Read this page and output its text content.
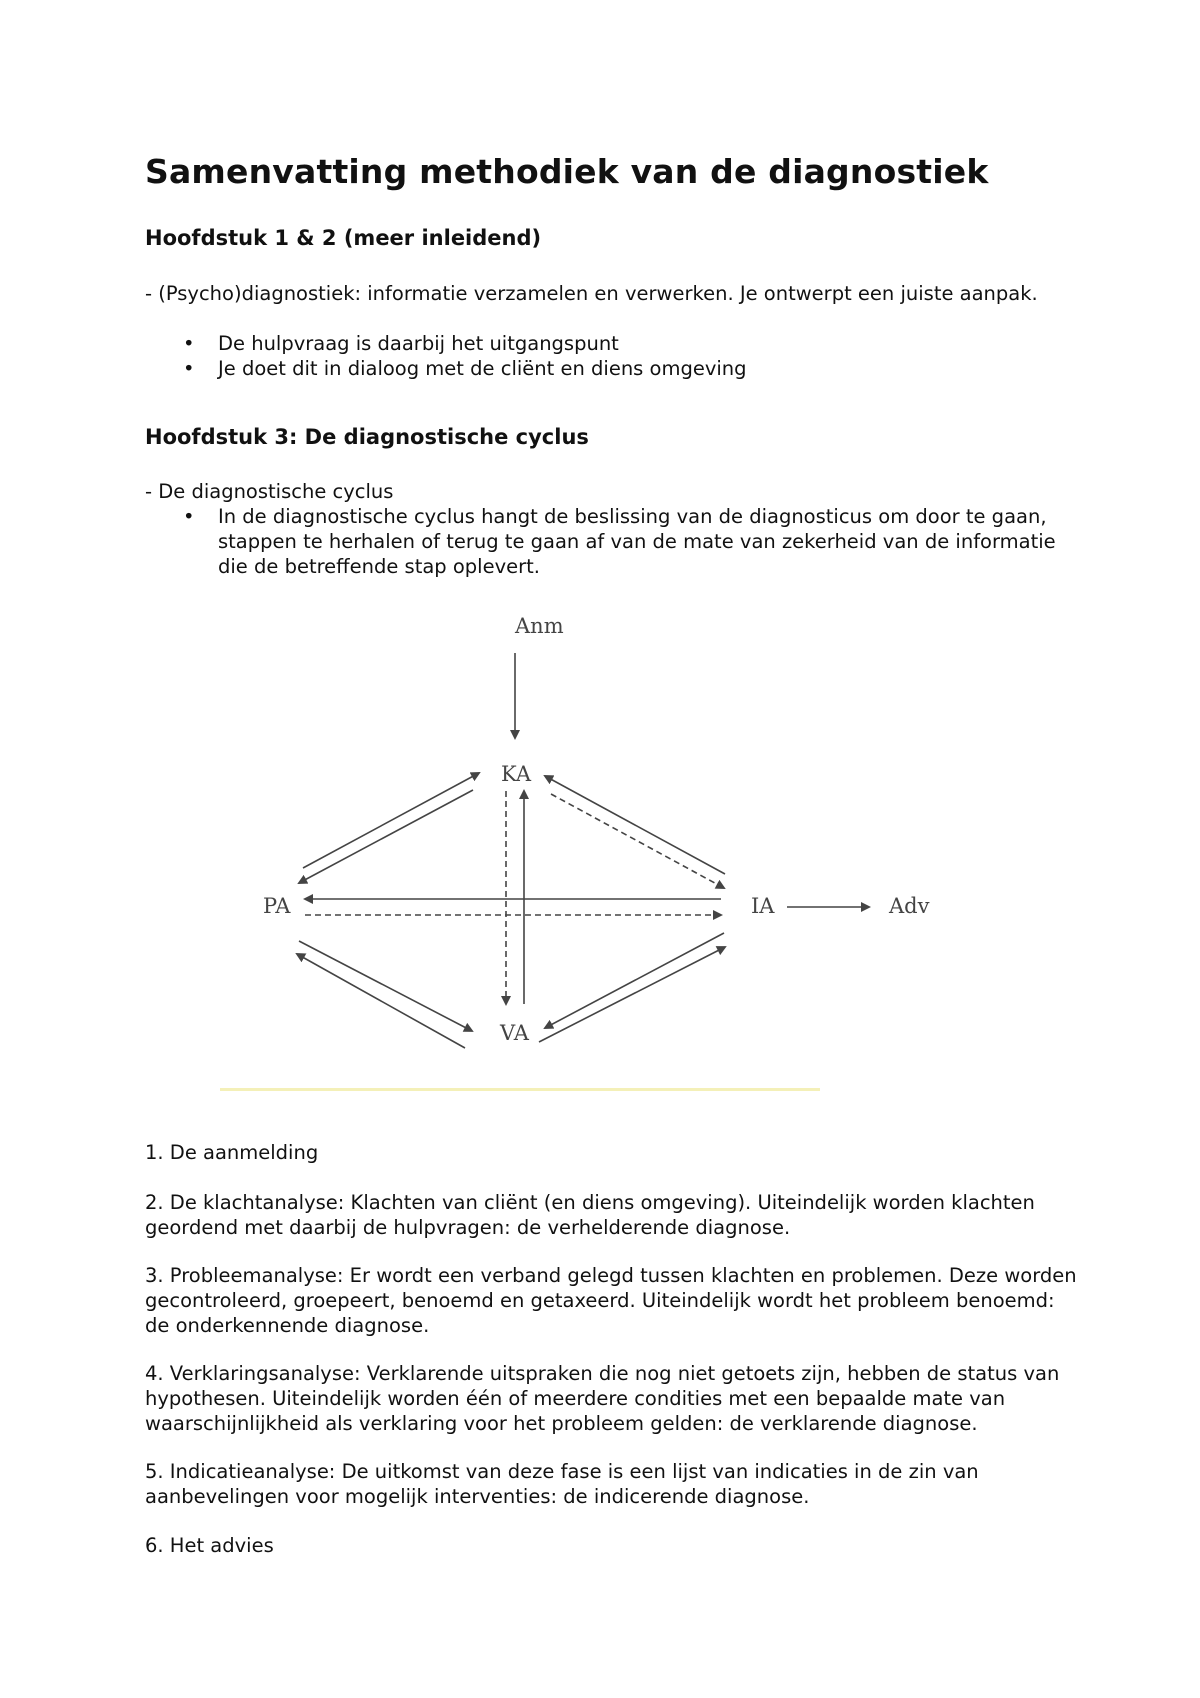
Samenvatting methodiek van de diagnostiek
Hoofdstuk 1 & 2 (meer inleidend)

- (Psycho)diagnostiek: informatie verzamelen en verwerken. Je ontwerpt een juiste aanpak.

• De hulpvraag is daarbij het uitgangspunt
• Je doet dit in dialoog met de cliënt en diens omgeving
Hoofdstuk 3: De diagnostische cyclus

- De diagnostische cyclus

• In de diagnostische cyclus hangt de beslissing van de diagnosticus om door te gaan, stappen te herhalen of terug te gaan af van de mate van zekerheid van de informatie die de betreffende stap oplevert.
Anm
KA
PA	IA
VA
Adv

1. De aanmelding

2. De klachtanalyse: Klachten van cliënt (en diens omgeving). Uiteindelijk worden klachten geordend met daarbij de hulpvragen: de verhelderende diagnose.

3. Probleemanalyse: Er wordt een verband gelegd tussen klachten en problemen. Deze worden gecontroleerd, groepeert, benoemd en getaxeerd. Uiteindelijk wordt het probleem benoemd: de onderkennende diagnose.

4. Verklaringsanalyse: Verklarende uitspraken die nog niet getoets zijn, hebben de status van hypothesen. Uiteindelijk worden één of meerdere condities met een bepaalde mate van waarschijnlijkheid als verklaring voor het probleem gelden: de verklarende diagnose.

5. Indicatieanalyse: De uitkomst van deze fase is een lijst van indicaties in de zin van aanbevelingen voor mogelijk interventies: de indicerende diagnose.

6. Het advies
